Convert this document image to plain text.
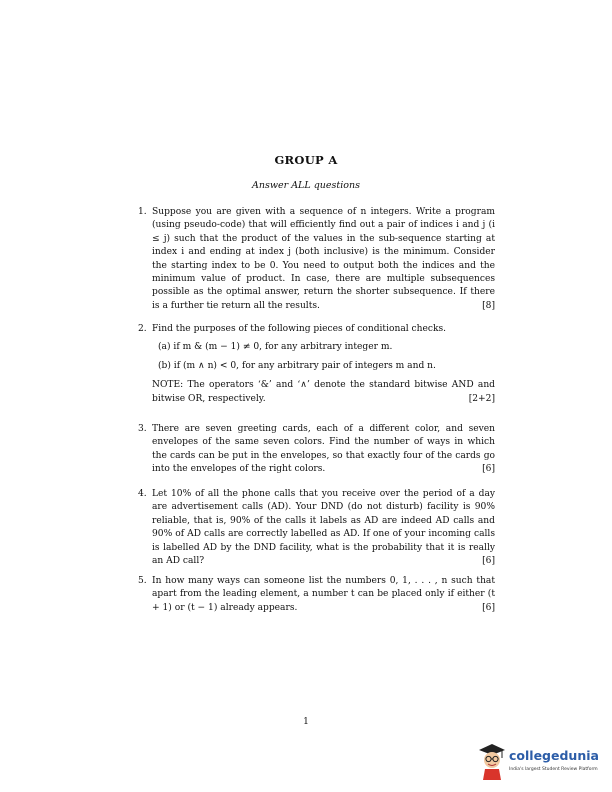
GROUP A
Answer ALL questions
1. Suppose you are given with a sequence of n integers. Write a program (using pseudo-code) that will efficiently find out a pair of indices i and j (i ≤ j) such that the product of the values in the sub-sequence starting at index i and ending at index j (both inclusive) is the minimum. Consider the starting index to be 0. You need to output both the indices and the minimum value of product. In case, there are multiple subsequences possible as the optimal answer, return the shorter subsequence. If there is a further tie return all the results.	[8]
2. Find the purposes of the following pieces of conditional checks.
(a) if m & (m − 1) ≠ 0, for any arbitrary integer m.
(b) if (m ∧ n) < 0, for any arbitrary pair of integers m and n.
NOTE: The operators ‘&’ and ‘∧’ denote the standard bitwise AND and bitwise OR, respectively.	[2+2]
3. There are seven greeting cards, each of a different color, and seven envelopes of the same seven colors. Find the number of ways in which the cards can be put in the envelopes, so that exactly four of the cards go into the envelopes of the right colors.	[6]
4. Let 10% of all the phone calls that you receive over the period of a day are advertisement calls (AD). Your DND (do not disturb) facility is 90% reliable, that is, 90% of the calls it labels as AD are indeed AD calls and 90% of AD calls are correctly labelled as AD. If one of your incoming calls is labelled AD by the DND facility, what is the probability that it is really an AD call?	[6]
5. In how many ways can someone list the numbers 0, 1, . . . , n such that apart from the leading element, a number t can be placed only if either (t + 1) or (t − 1) already appears.	[6]
1
collegedunia
India's largest Student Review Platform
